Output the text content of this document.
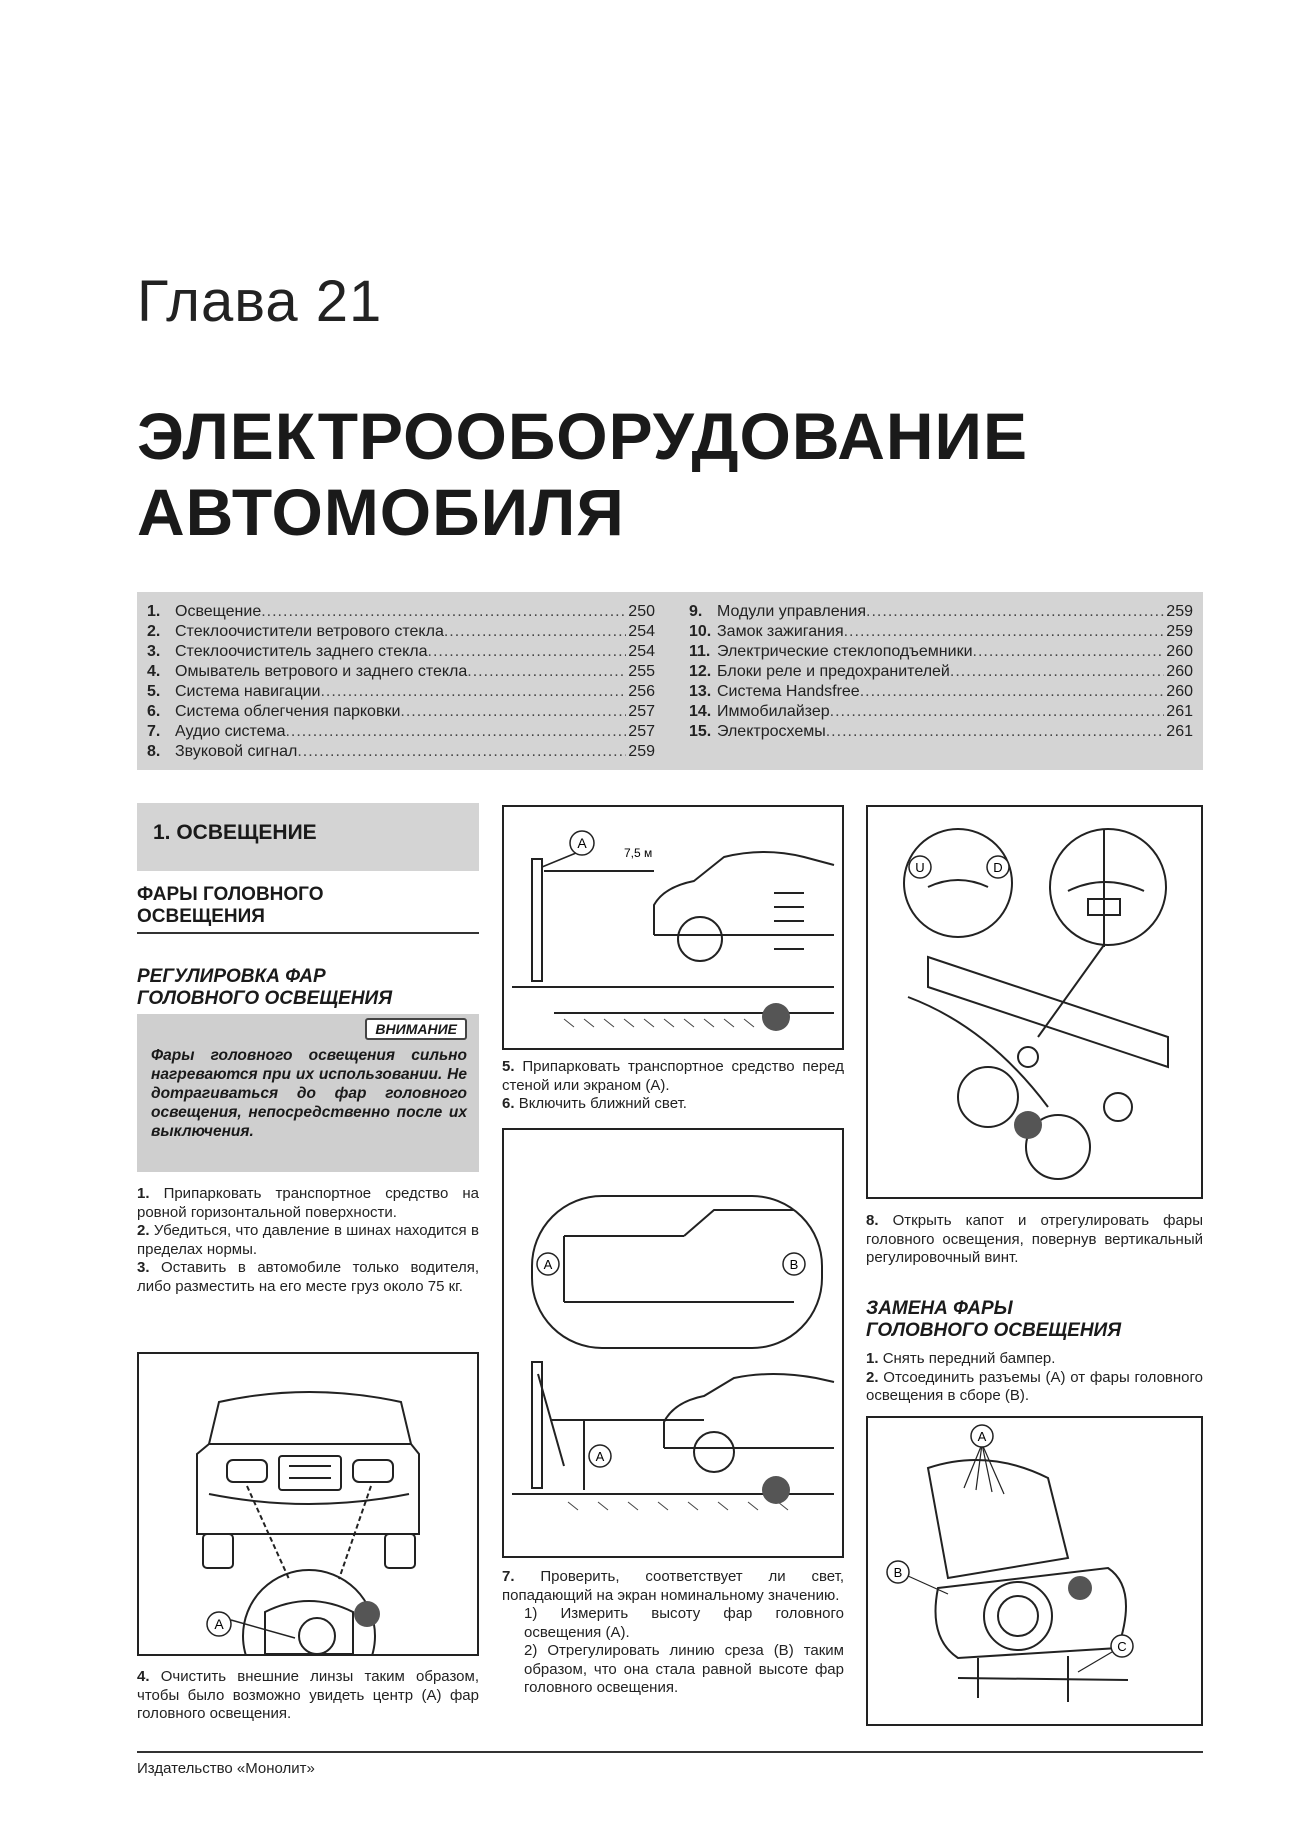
Глава 21
ЭЛЕКТРООБОРУДОВАНИЕ
АВТОМОБИЛЯ
1. Освещение .....	250
2. Стеклоочистители ветрового стекла .....	254
3. Стеклоочиститель заднего стекла .....	254
4. Омыватель ветрового и заднего стекла .....	255
5. Система навигации .....	256
6. Система облегчения парковки .....	257
7. Аудио система .....	257
8. Звуковой сигнал .....	259
9. Модули управления .....	259
10. Замок зажигания .....	259
11. Электрические стеклоподъемники .....	260
12. Блоки реле и предохранителей .....	260
13. Система Handsfree .....	260
14. Иммобилайзер .....	261
15. Электросхемы .....	261
1. ОСВЕЩЕНИЕ
ФАРЫ ГОЛОВНОГО
ОСВЕЩЕНИЯ
РЕГУЛИРОВКА ФАР
ГОЛОВНОГО ОСВЕЩЕНИЯ
ВНИМАНИЕ
Фары головного освещения сильно нагреваются при их использовании. Не дотрагиваться до фар головного освещения, непосредственно после их выключения.
1. Припарковать транспортное средство на ровной горизонтальной поверхности.
2. Убедиться, что давление в шинах находится в пределах нормы.
3. Оставить в автомобиле только водителя, либо разместить на его месте груз около 75 кг.
A
4. Очистить внешние линзы таким образом, чтобы было возможно увидеть центр (А) фар головного освещения.
A
7,5 м
5. Припарковать транспортное средство перед стеной или экраном (А).
6. Включить ближний свет.
A	B
A
7. Проверить, соответствует ли свет, попадающий на экран номинальному значению.
1) Измерить высоту фар головного освещения (А).
2) Отрегулировать линию среза (В) таким образом, что она стала равной высоте фар головного освещения.
U	D
8. Открыть капот и отрегулировать фары головного освещения, повернув вертикальный регулировочный винт.
ЗАМЕНА ФАРЫ
ГОЛОВНОГО ОСВЕЩЕНИЯ
1. Снять передний бампер.
2. Отсоединить разъемы (А) от фары головного освещения в сборе (В).
A
B
C
Издательство «Монолит»
